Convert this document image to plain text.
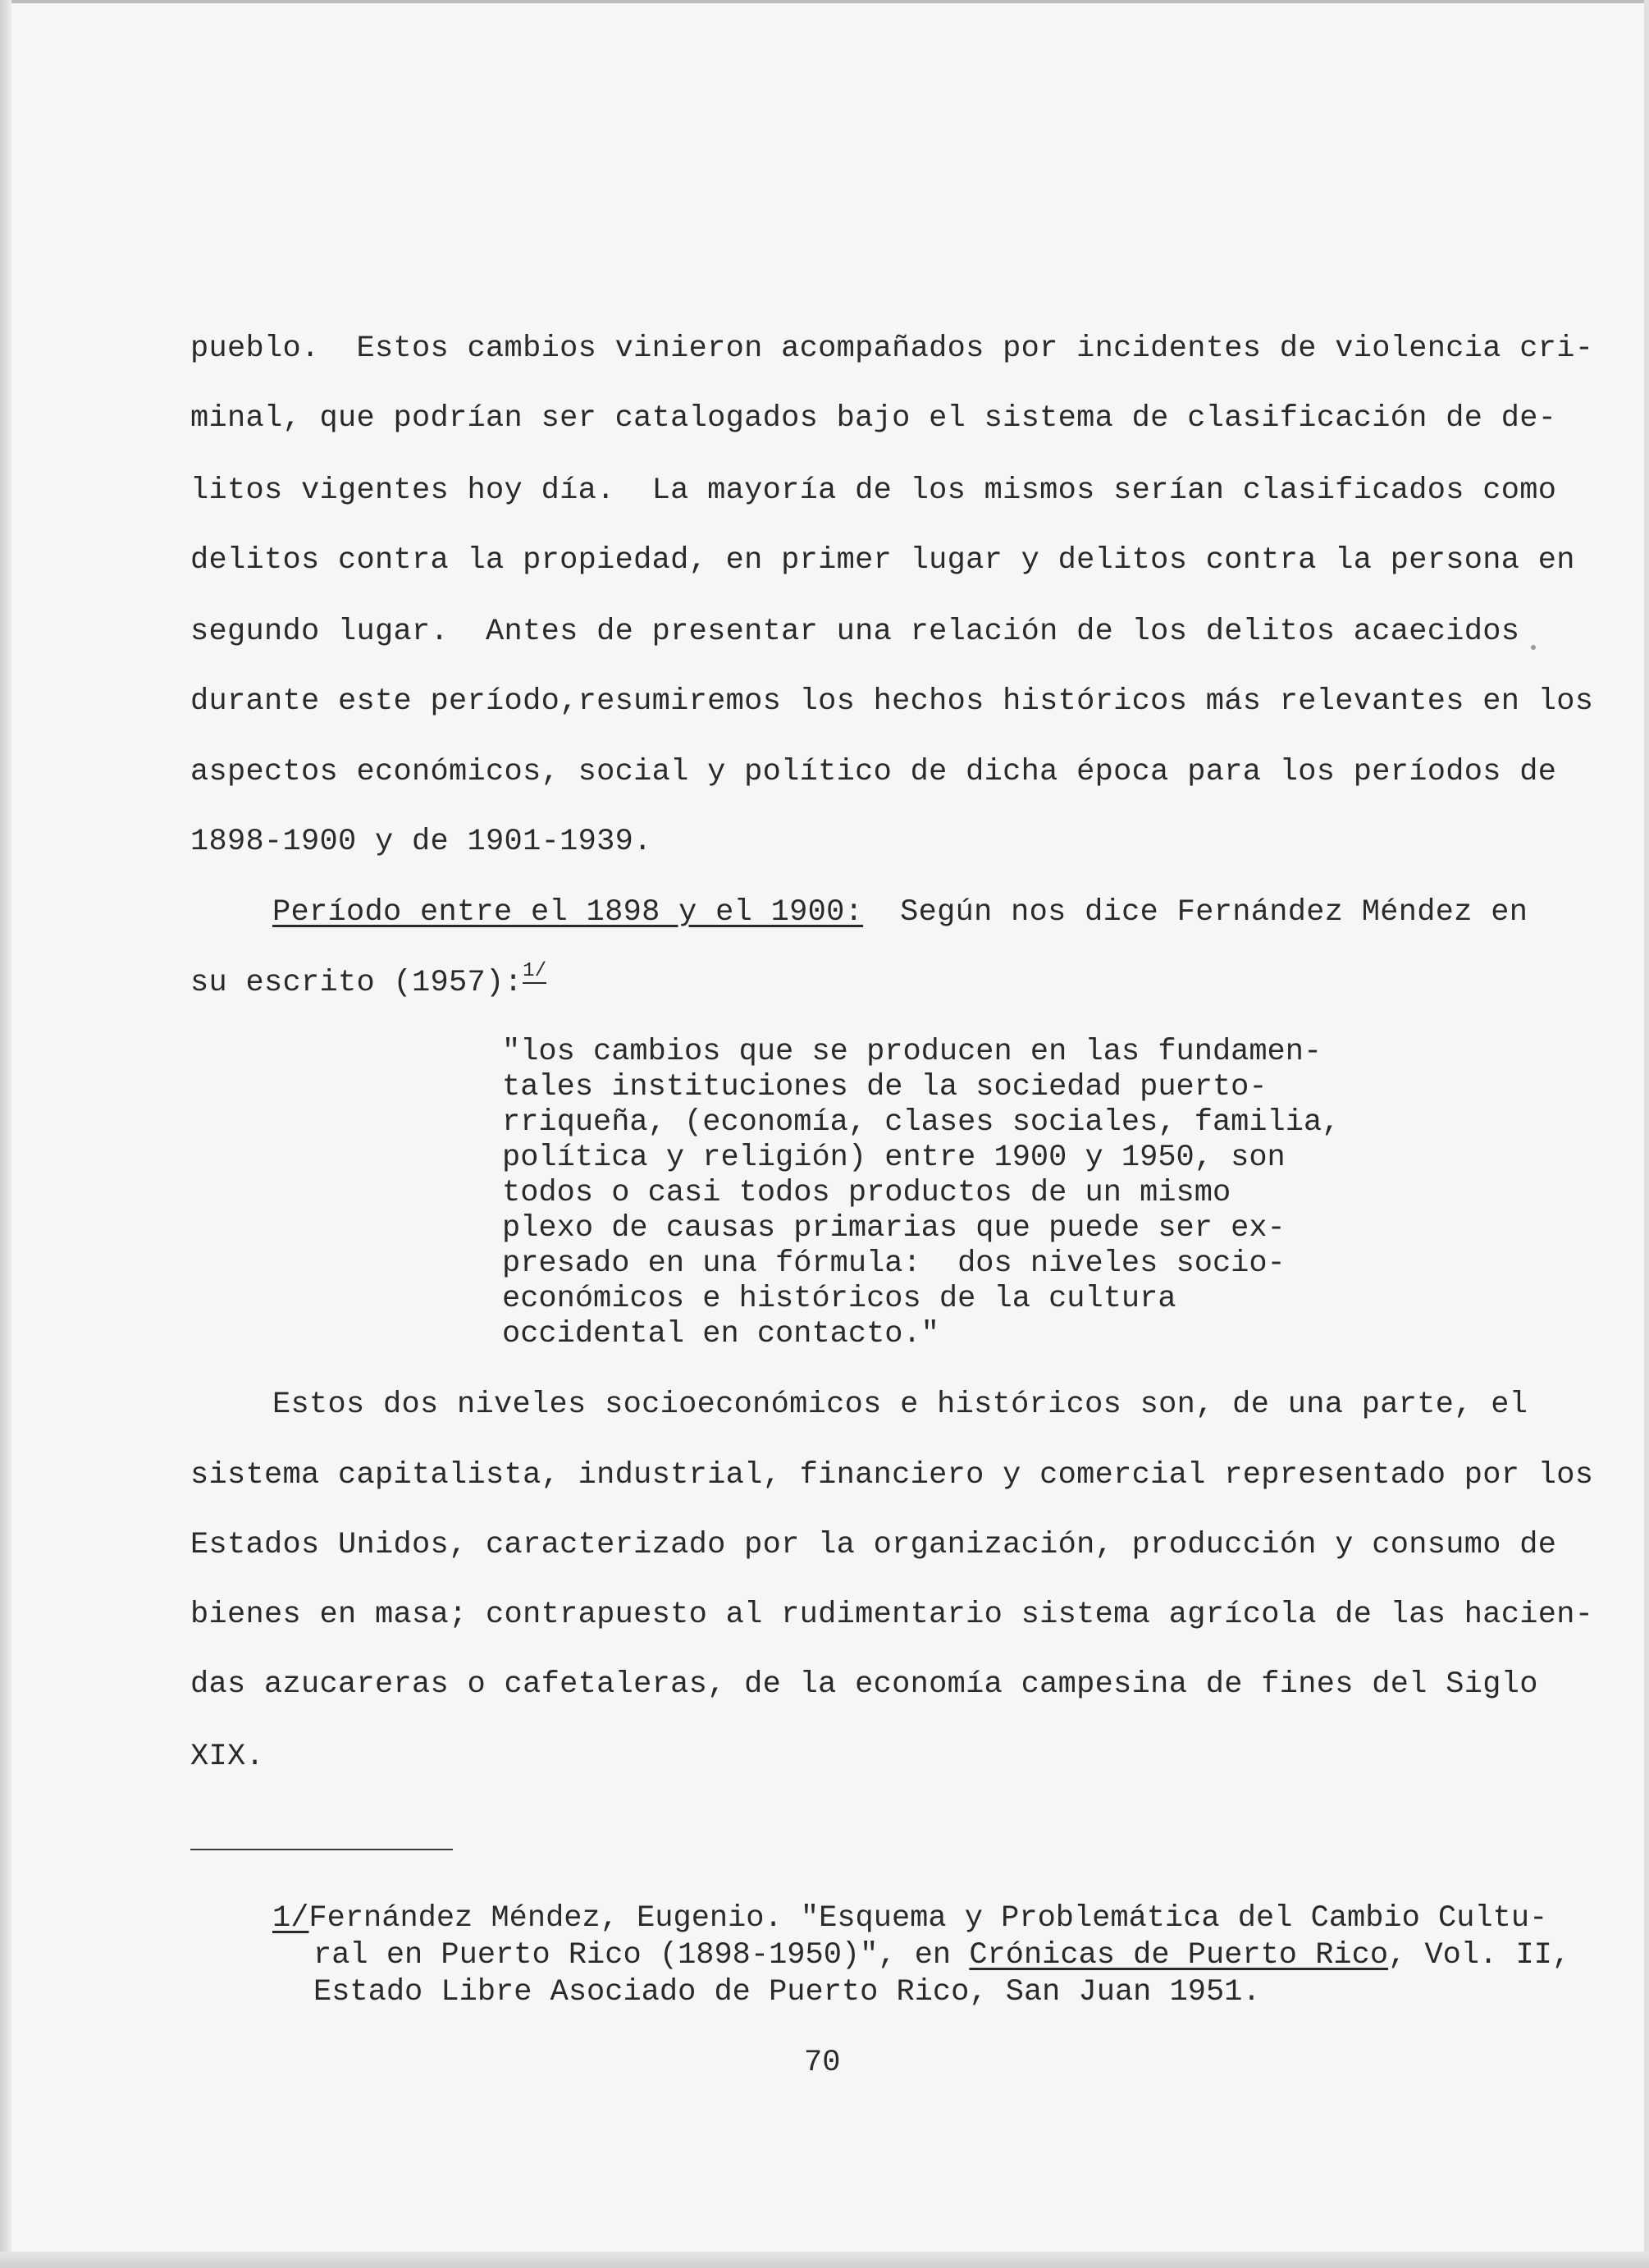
pueblo.  Estos cambios vinieron acompañados por incidentes de violencia cri-
minal, que podrían ser catalogados bajo el sistema de clasificación de de-
litos vigentes hoy día.  La mayoría de los mismos serían clasificados como
delitos contra la propiedad, en primer lugar y delitos contra la persona en
segundo lugar.  Antes de presentar una relación de los delitos acaecidos
durante este período,resumiremos los hechos históricos más relevantes en los
aspectos económicos, social y político de dicha época para los períodos de
1898-1900 y de 1901-1939.
Período entre el 1898 y el 1900:  Según nos dice Fernández Méndez en
su escrito (1957):$^{1/}$
"los cambios que se producen en las fundamen-
tales instituciones de la sociedad puerto-
rriqueña, (economía, clases sociales, familia,
política y religión) entre 1900 y 1950, son
todos o casi todos productos de un mismo
plexo de causas primarias que puede ser ex-
presado en una fórmula:  dos niveles socio-
económicos e históricos de la cultura
occidental en contacto."
Estos dos niveles socioeconómicos e históricos son, de una parte, el
sistema capitalista, industrial, financiero y comercial representado por los
Estados Unidos, caracterizado por la organización, producción y consumo de
bienes en masa; contrapuesto al rudimentario sistema agrícola de las hacien-
das azucareras o cafetaleras, de la economía campesina de fines del Siglo
XIX.
1/Fernández Méndez, Eugenio. "Esquema y Problemática del Cambio Cultu-
ral en Puerto Rico (1898-1950)", en Crónicas de Puerto Rico, Vol. II,
Estado Libre Asociado de Puerto Rico, San Juan 1951.
70
